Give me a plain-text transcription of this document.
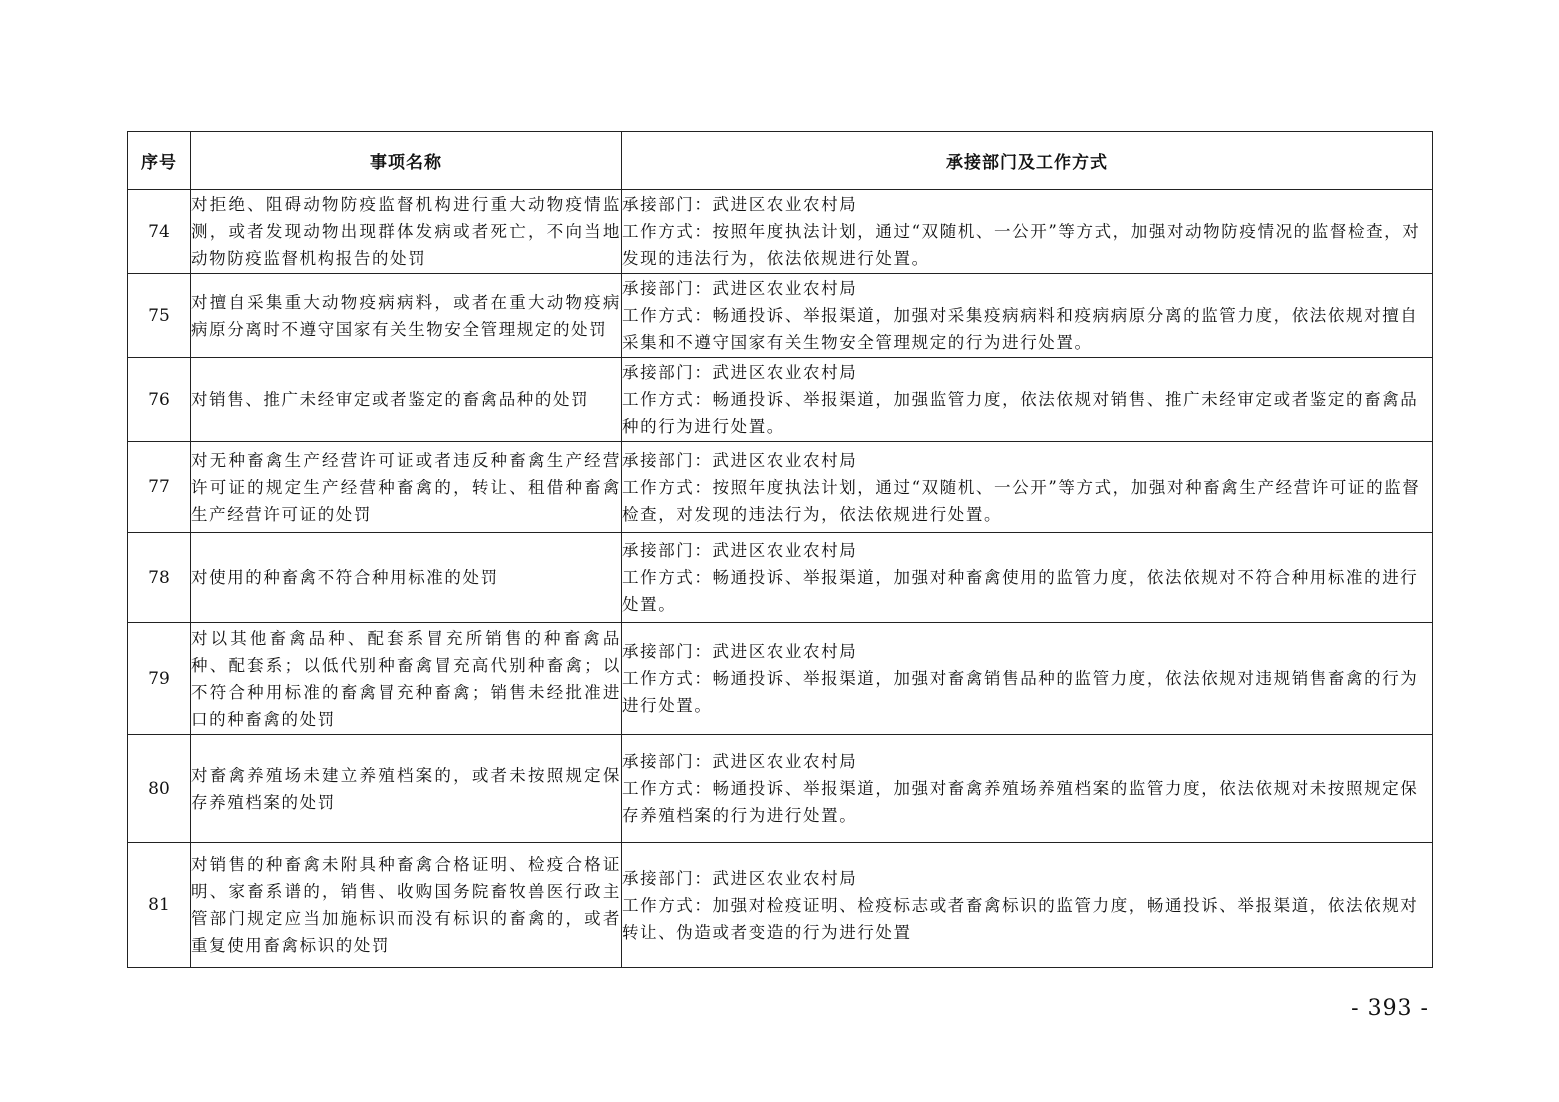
序号	事项名称	承接部门及工作方式
74	对拒绝、阻碍动物防疫监督机构进行重大动物疫情监测，或者发现动物出现群体发病或者死亡，不向当地动物防疫监督机构报告的处罚	承接部门：武进区农业农村局
工作方式：按照年度执法计划，通过“双随机、一公开”等方式，加强对动物防疫情况的监督检查，对发现的违法行为，依法依规进行处置。

75	对擅自采集重大动物疫病病料，或者在重大动物疫病病原分离时不遵守国家有关生物安全管理规定的处罚	承接部门：武进区农业农村局
工作方式：畅通投诉、举报渠道，加强对采集疫病病料和疫病病原分离的监管力度，依法依规对擅自采集和不遵守国家有关生物安全管理规定的行为进行处置。

76	对销售、推广未经审定或者鉴定的畜禽品种的处罚	承接部门：武进区农业农村局
工作方式：畅通投诉、举报渠道，加强监管力度，依法依规对销售、推广未经审定或者鉴定的畜禽品种的行为进行处置。

77	对无种畜禽生产经营许可证或者违反种畜禽生产经营许可证的规定生产经营种畜禽的，转让、租借种畜禽生产经营许可证的处罚	承接部门：武进区农业农村局
工作方式：按照年度执法计划，通过“双随机、一公开”等方式，加强对种畜禽生产经营许可证的监督检查，对发现的违法行为，依法依规进行处置。

78	对使用的种畜禽不符合种用标准的处罚	承接部门：武进区农业农村局
工作方式：畅通投诉、举报渠道，加强对种畜禽使用的监管力度，依法依规对不符合种用标准的进行处置。

79	对以其他畜禽品种、配套系冒充所销售的种畜禽品种、配套系；以低代别种畜禽冒充高代别种畜禽；以不符合种用标准的畜禽冒充种畜禽；销售未经批准进口的种畜禽的处罚	承接部门：武进区农业农村局
工作方式：畅通投诉、举报渠道，加强对畜禽销售品种的监管力度，依法依规对违规销售畜禽的行为进行处置。

80	对畜禽养殖场未建立养殖档案的，或者未按照规定保存养殖档案的处罚	承接部门：武进区农业农村局
工作方式：畅通投诉、举报渠道，加强对畜禽养殖场养殖档案的监管力度，依法依规对未按照规定保存养殖档案的行为进行处置。

81	对销售的种畜禽未附具种畜禽合格证明、检疫合格证明、家畜系谱的，销售、收购国务院畜牧兽医行政主管部门规定应当加施标识而没有标识的畜禽的，或者重复使用畜禽标识的处罚	承接部门：武进区农业农村局
工作方式：加强对检疫证明、检疫标志或者畜禽标识的监管力度，畅通投诉、举报渠道，依法依规对转让、伪造或者变造的行为进行处置
- 393 -
